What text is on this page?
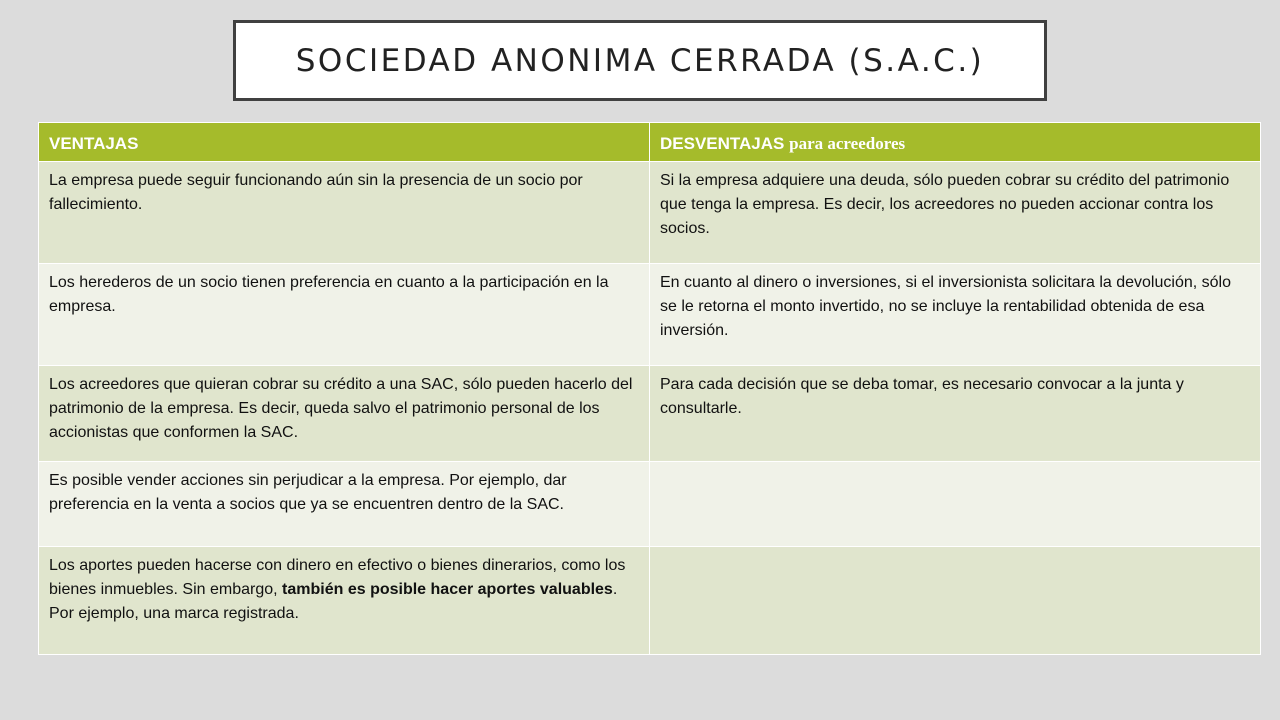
SOCIEDAD ANONIMA CERRADA (S.A.C.)
VENTAJAS	DESVENTAJAS para acreedores
La empresa puede seguir funcionando aún sin la presencia de un socio por fallecimiento.	Si la empresa adquiere una deuda, sólo pueden cobrar su crédito del patrimonio que tenga la empresa. Es decir, los acreedores no pueden accionar contra los socios.
Los herederos de un socio tienen preferencia en cuanto a la participación en la empresa.	En cuanto al dinero o inversiones, si el inversionista solicitara la devolución, sólo se le retorna el monto invertido, no se incluye la rentabilidad obtenida de esa inversión.
Los acreedores que quieran cobrar su crédito a una SAC, sólo pueden hacerlo del patrimonio de la empresa. Es decir, queda salvo el patrimonio personal de los accionistas que conformen la SAC.	Para cada decisión que se deba tomar, es necesario convocar a la junta y consultarle.
Es posible vender acciones sin perjudicar a la empresa. Por ejemplo, dar preferencia en la venta a socios que ya se encuentren dentro de la SAC.	
Los aportes pueden hacerse con dinero en efectivo o bienes dinerarios, como los bienes inmuebles. Sin embargo, también es posible hacer aportes valuables. Por ejemplo, una marca registrada.	
